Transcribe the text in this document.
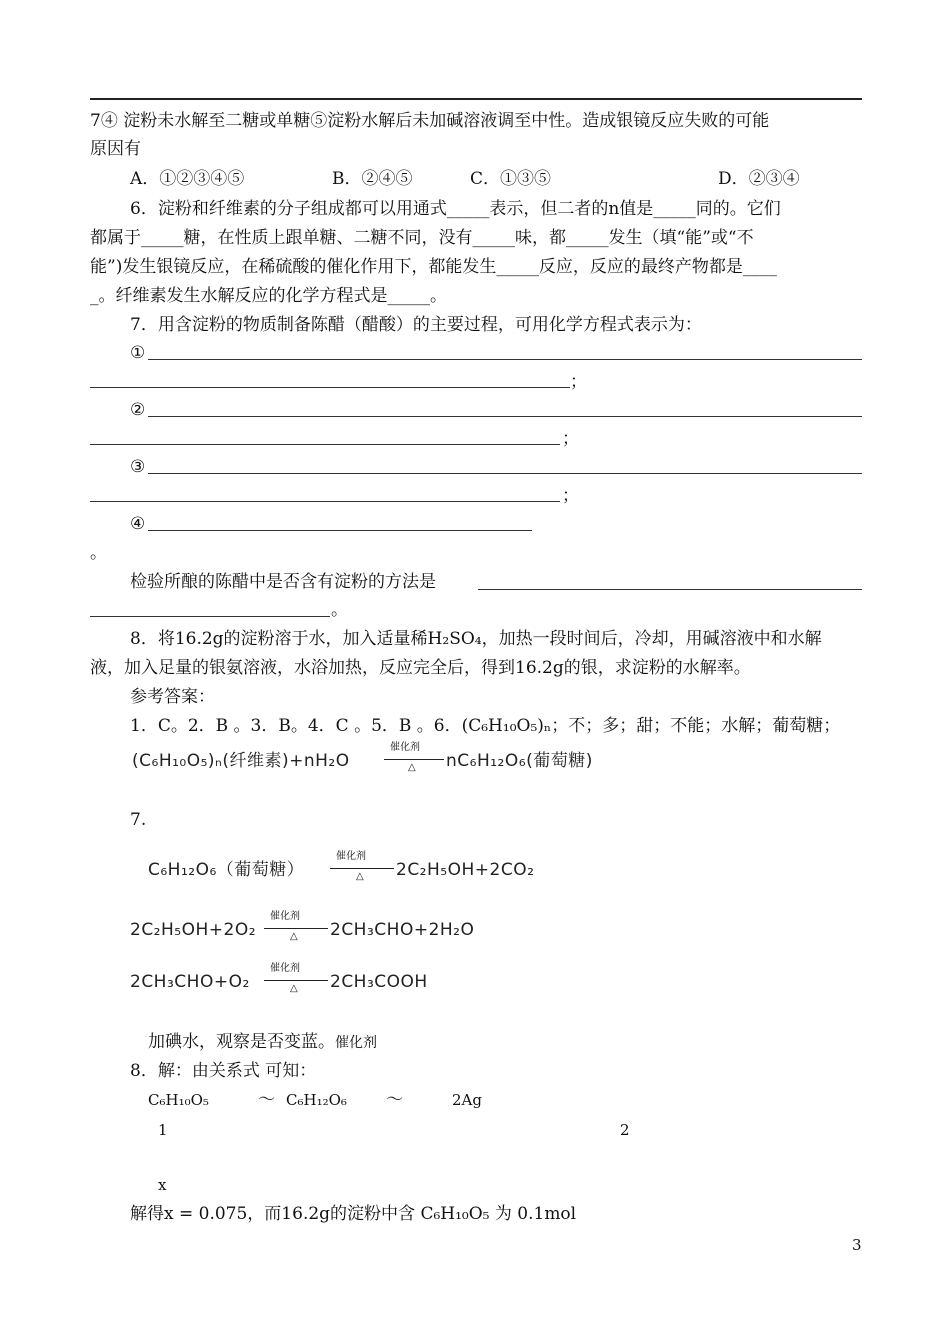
7④ 淀粉未水解至二糖或单糖⑤淀粉水解后未加碱溶液调至中性。造成银镜反应失败的可能
原因有
A．①②③④⑤	B．②④⑤	C．①③⑤	D．②③④
6．淀粉和纤维素的分子组成都可以用通式_____表示，但二者的n值是_____同的。它们
都属于_____糖，在性质上跟单糖、二糖不同，没有_____味，都_____发生（填“能”或“不
能”)发生银镜反应，在稀硫酸的催化作用下，都能发生_____反应，反应的最终产物都是____
_。纤维素发生水解反应的化学方程式是_____。
7．用含淀粉的物质制备陈醋（醋酸）的主要过程，可用化学方程式表示为：
①
；
②
；
③
；
④
。
检验所酿的陈醋中是否含有淀粉的方法是
。
8．将16.2g的淀粉溶于水，加入适量稀H₂SO₄，加热一段时间后，冷却，用碱溶液中和水解
液，加入足量的银氨溶液，水浴加热，反应完全后，得到16.2g的银，求淀粉的水解率。
参考答案：
1．C。2．B 。3．B。4．C 。5．B 。6．(C₆H₁₀O₅)ₙ；不；多；甜；不能；水解；葡萄糖；
(C₆H₁₀O₅)ₙ(纤维素)+nH₂O
催化剂
△ nC₆H₁₂O₆(葡萄糖)
7.
C₆H₁₂O₆（葡萄糖）
催化剂
△ 2C₂H₅OH+2CO₂
2C₂H₅OH+2O₂
催化剂
△ 2CH₃CHO+2H₂O
2CH₃CHO+O₂
催化剂
△ 2CH₃COOH
加碘水，观察是否变蓝。催化剂
8．解：由关系式 可知：
C₆H₁₀O₅	～ C₆H₁₂O₆ ～	2Ag
1	2
x
解得x = 0.075，而16.2g的淀粉中含 C₆H₁₀O₅ 为 0.1mol
3
